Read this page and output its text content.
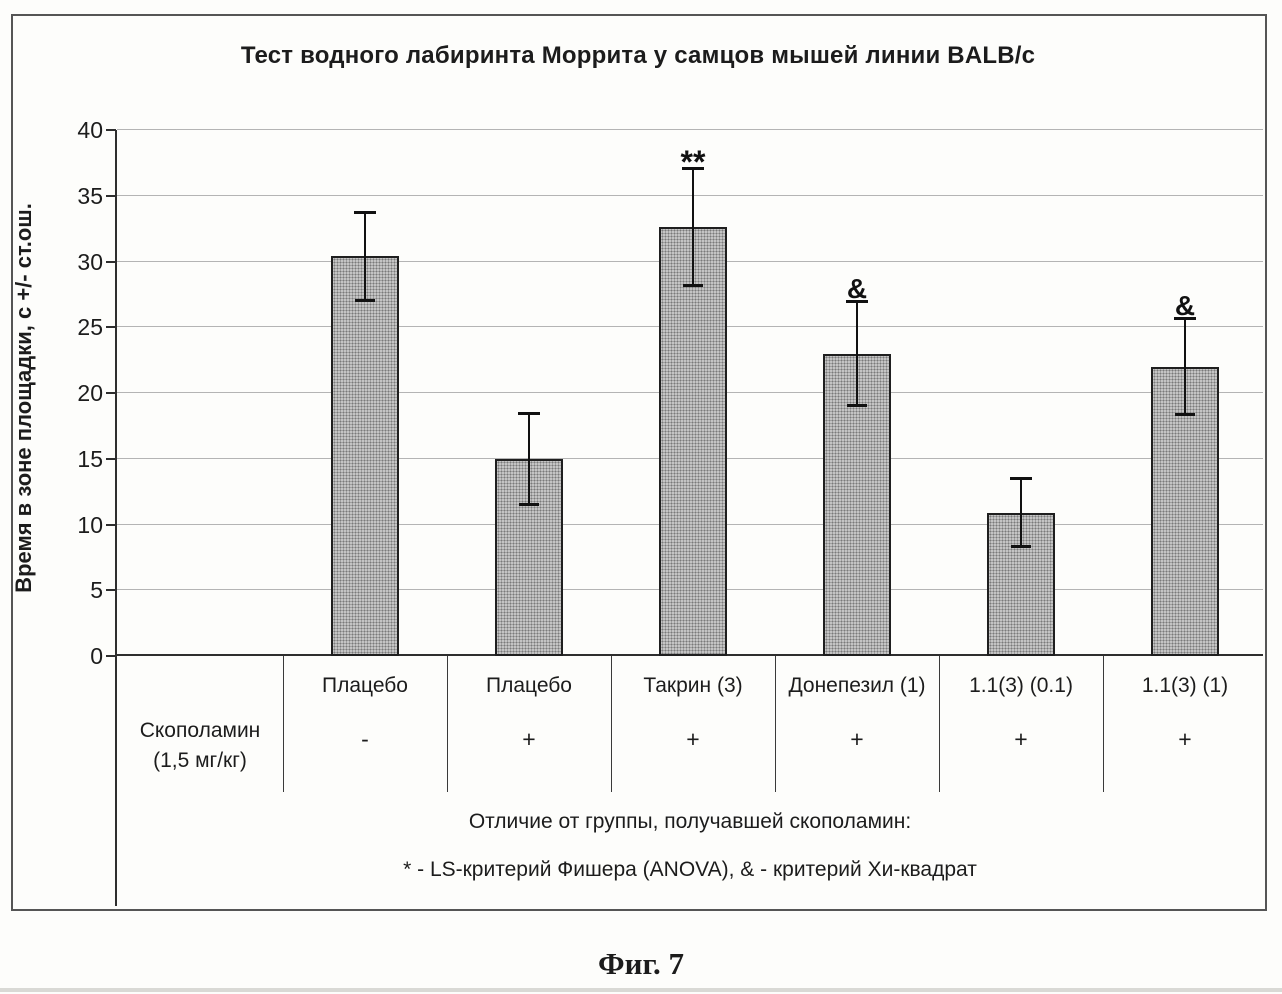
Тест водного лабиринта Моррита у самцов мышей линии BALB/c
Время в зоне площадки, с +/- ст.ош.
0
5
10
15
20
25
30
35
40
Плацебо
-
Плацебо
+
**
Такрин (3)
+
&
Донепезил (1)
+
1.1(3) (0.1)
+
&
1.1(3) (1)
+
Скополамин
(1,5 мг/кг)
Отличие от группы, получавшей скополамин:
* - LS-критерий Фишера (ANOVA), & - критерий Хи-квадрат
Фиг. 7
